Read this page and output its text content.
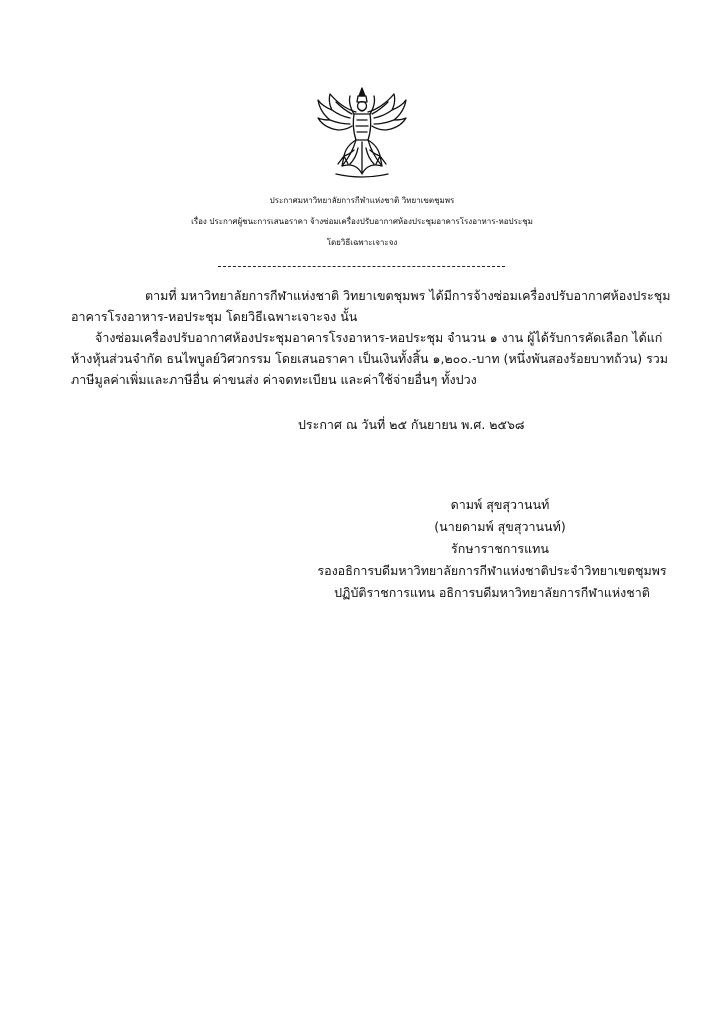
ประกาศมหาวิทยาลัยการกีฬาแห่งชาติ วิทยาเขตชุมพร
เรื่อง ประกาศผู้ชนะการเสนอราคา จ้างซ่อมเครื่องปรับอากาศห้องประชุมอาคารโรงอาหาร-หอประชุม
โดยวิธีเฉพาะเจาะจง
ตามที่ มหาวิทยาลัยการกีฬาแห่งชาติ วิทยาเขตชุมพร ได้มีการจ้างซ่อมเครื่องปรับอากาศห้องประชุม
อาคารโรงอาหาร-หอประชุม โดยวิธีเฉพาะเจาะจง นั้น
จ้างซ่อมเครื่องปรับอากาศห้องประชุมอาคารโรงอาหาร-หอประชุม จำนวน ๑ งาน ผู้ได้รับการคัดเลือก ได้แก่
ห้างหุ้นส่วนจำกัด ธนไพบูลย์วิศวกรรม โดยเสนอราคา เป็นเงินทั้งสิ้น ๑,๒๐๐.-บาท (หนึ่งพันสองร้อยบาทถ้วน) รวม
ภาษีมูลค่าเพิ่มและภาษีอื่น ค่าขนส่ง ค่าจดทะเบียน และค่าใช้จ่ายอื่นๆ ทั้งปวง
ประกาศ ณ วันที่ ๒๕ กันยายน พ.ศ. ๒๕๖๘
ดามพ์ สุขสุวานนท์
(นายดามพ์ สุขสุวานนท์)
รักษาราชการแทน
รองอธิการบดีมหาวิทยาลัยการกีฬาแห่งชาติประจำวิทยาเขตชุมพร
ปฏิบัติราชการแทน อธิการบดีมหาวิทยาลัยการกีฬาแห่งชาติ
